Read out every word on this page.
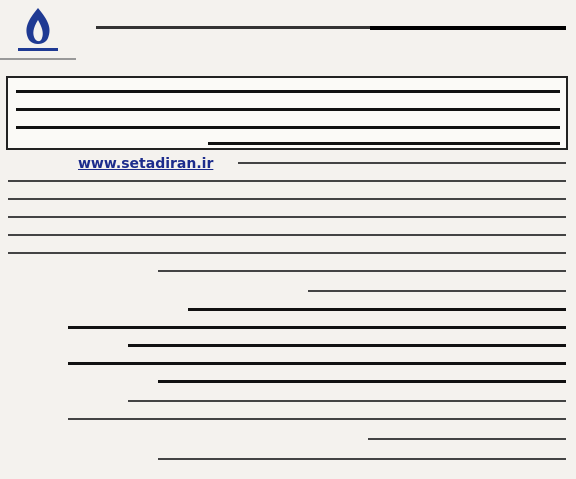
www.setadiran.ir
